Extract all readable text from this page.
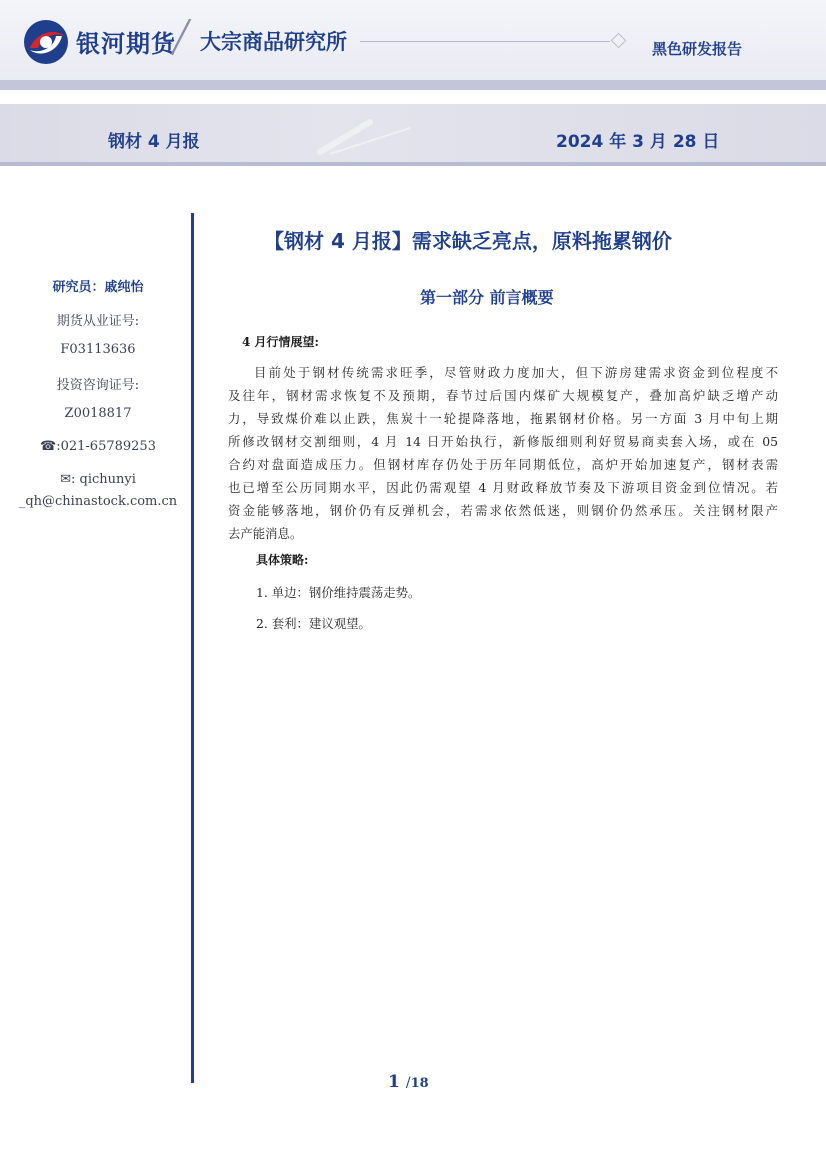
银河期货
╱ 大宗商品研究所	黑色研发报告
钢材 4 月报	2024 年 3 月 28 日
研究员：戚纯怡
期货从业证号:
F03113636
投资咨询证号:
Z0018817
☎:021-65789253
✉: qichunyi
_qh@chinastock.com.cn
【钢材 4 月报】需求缺乏亮点，原料拖累钢价
第一部分 前言概要
4 月行情展望:
目前处于钢材传统需求旺季，尽管财政力度加大，但下游房建需求资金到位程度不
及往年，钢材需求恢复不及预期，春节过后国内煤矿大规模复产，叠加高炉缺乏增产动
力，导致煤价难以止跌，焦炭十一轮提降落地，拖累钢材价格。另一方面 3 月中旬上期
所修改钢材交割细则，4 月 14 日开始执行，新修版细则利好贸易商卖套入场，或在 05
合约对盘面造成压力。但钢材库存仍处于历年同期低位，高炉开始加速复产，钢材表需
也已增至公历同期水平，因此仍需观望 4 月财政释放节奏及下游项目资金到位情况。若
资金能够落地，钢价仍有反弹机会，若需求依然低迷，则钢价仍然承压。关注钢材限产
去产能消息。
具体策略:
1. 单边：钢价维持震荡走势。
2. 套利：建议观望。
1 /18
